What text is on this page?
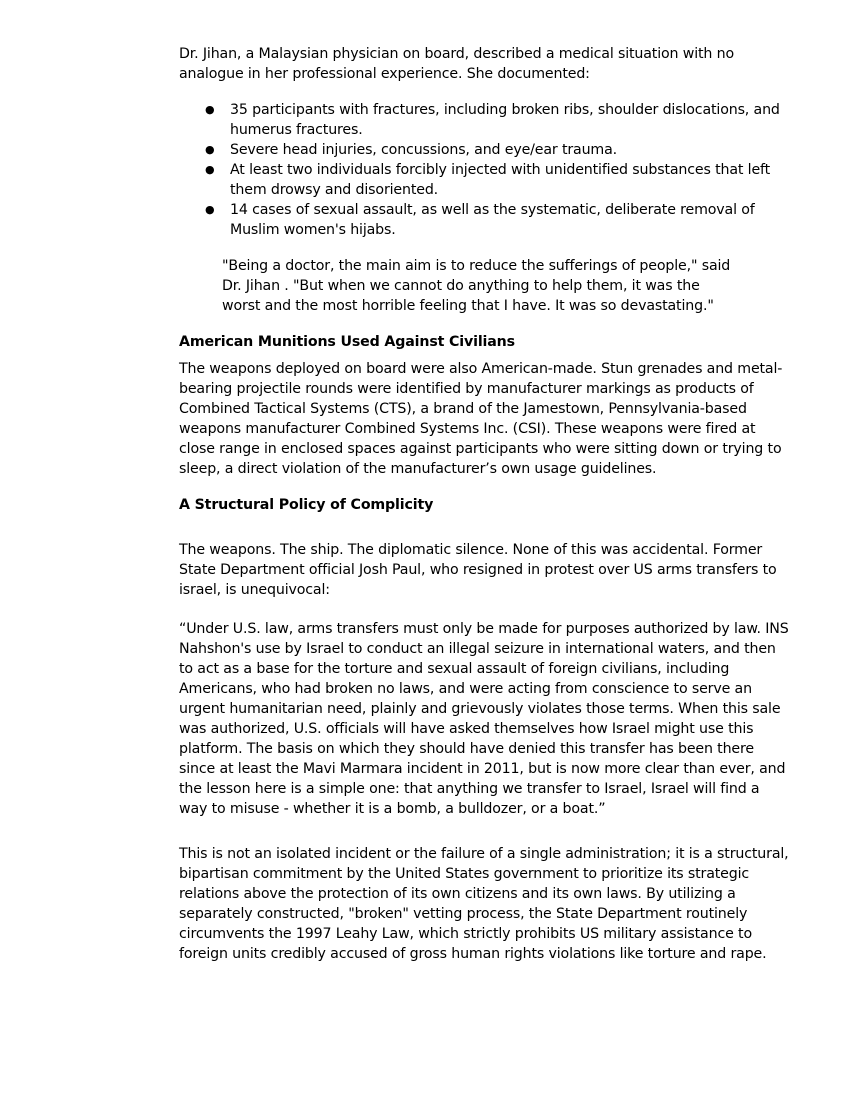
Dr. Jihan, a Malaysian physician on board, described a medical situation with no analogue in her professional experience. She documented:

● 35 participants with fractures, including broken ribs, shoulder dislocations, and humerus fractures.
● Severe head injuries, concussions, and eye/ear trauma.
● At least two individuals forcibly injected with unidentified substances that left them drowsy and disoriented.
● 14 cases of sexual assault, as well as the systematic, deliberate removal of Muslim women's hijabs.

"Being a doctor, the main aim is to reduce the sufferings of people," said Dr. Jihan . "But when we cannot do anything to help them, it was the worst and the most horrible feeling that I have. It was so devastating."

American Munitions Used Against Civilians

The weapons deployed on board were also American-made. Stun grenades and metal-bearing projectile rounds were identified by manufacturer markings as products of Combined Tactical Systems (CTS), a brand of the Jamestown, Pennsylvania-based weapons manufacturer Combined Systems Inc. (CSI). These weapons were fired at close range in enclosed spaces against participants who were sitting down or trying to sleep, a direct violation of the manufacturer’s own usage guidelines.

A Structural Policy of Complicity

The weapons. The ship. The diplomatic silence. None of this was accidental. Former State Department official Josh Paul, who resigned in protest over US arms transfers to israel, is unequivocal:

“Under U.S. law, arms transfers must only be made for purposes authorized by law. INS Nahshon's use by Israel to conduct an illegal seizure in international waters, and then to act as a base for the torture and sexual assault of foreign civilians, including Americans, who had broken no laws, and were acting from conscience to serve an urgent humanitarian need, plainly and grievously violates those terms. When this sale was authorized, U.S. officials will have asked themselves how Israel might use this platform. The basis on which they should have denied this transfer has been there since at least the Mavi Marmara incident in 2011, but is now more clear than ever, and the lesson here is a simple one: that anything we transfer to Israel, Israel will find a way to misuse - whether it is a bomb, a bulldozer, or a boat.”

This is not an isolated incident or the failure of a single administration; it is a structural, bipartisan commitment by the United States government to prioritize its strategic relations above the protection of its own citizens and its own laws. By utilizing a separately constructed, "broken" vetting process, the State Department routinely circumvents the 1997 Leahy Law, which strictly prohibits US military assistance to foreign units credibly accused of gross human rights violations like torture and rape.
